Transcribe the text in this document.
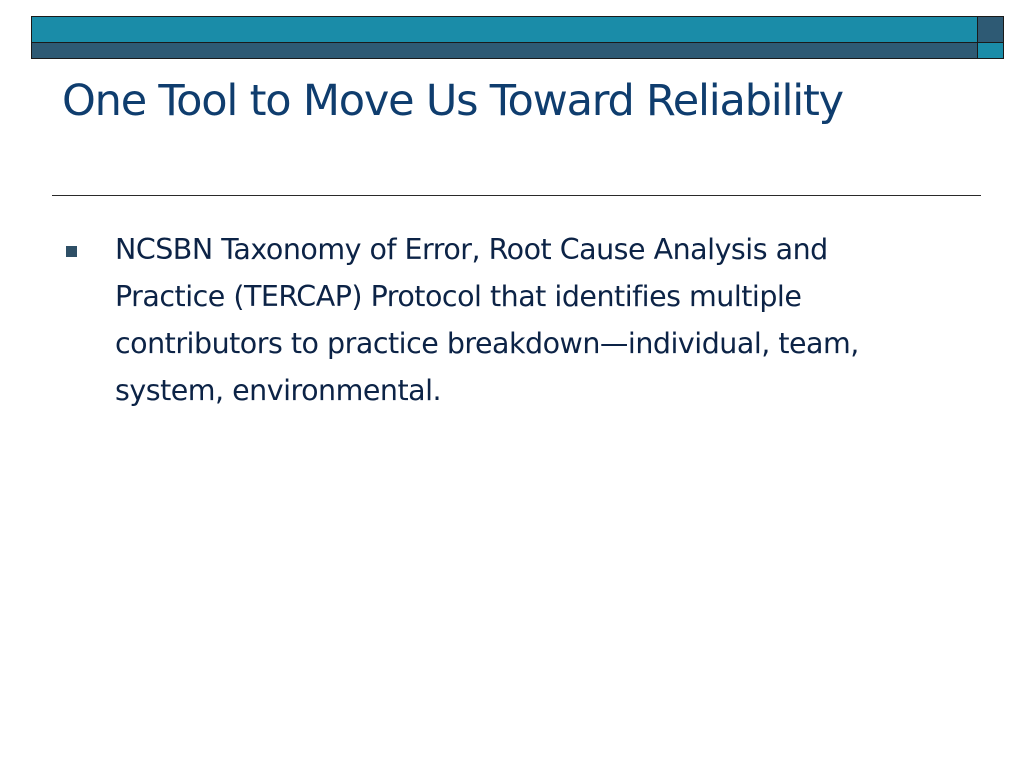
One Tool to Move Us Toward Reliability
NCSBN Taxonomy of Error, Root Cause Analysis and Practice (TERCAP) Protocol that identifies multiple contributors to practice breakdown—individual, team, system, environmental.
